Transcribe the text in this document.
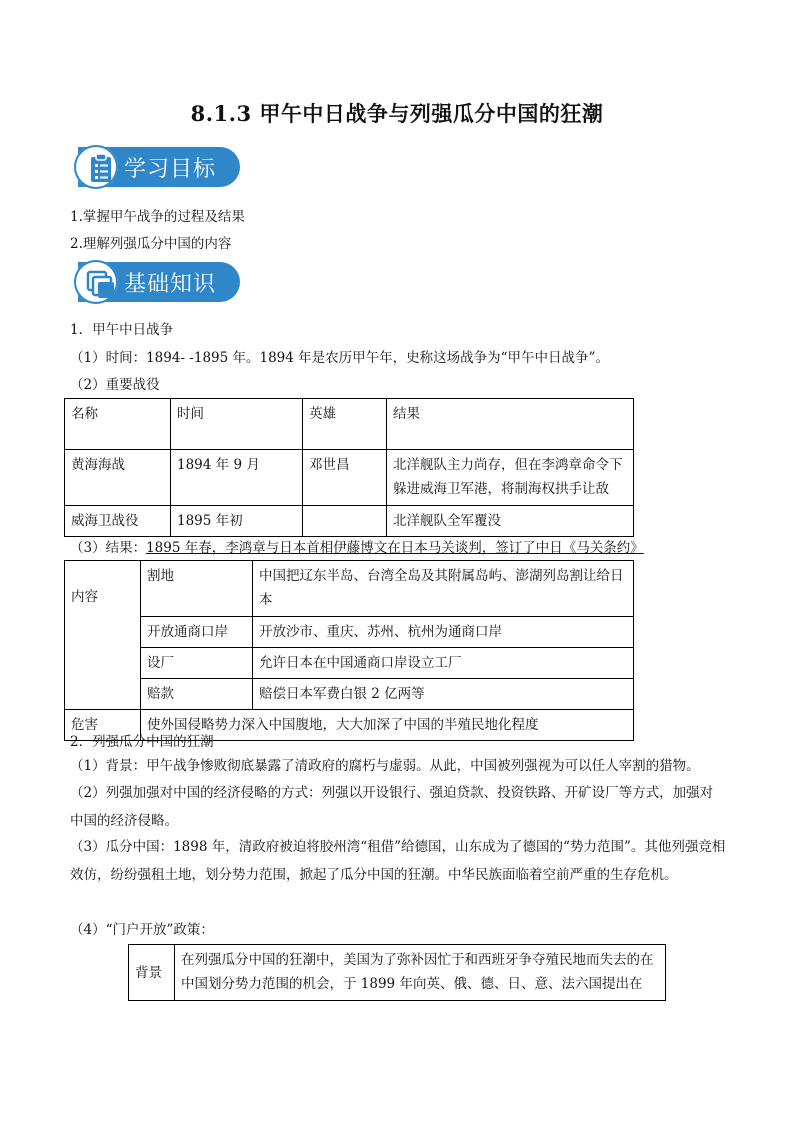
8.1.3 甲午中日战争与列强瓜分中国的狂潮
学习目标
1.掌握甲午战争的过程及结果
2.理解列强瓜分中国的内容
基础知识
1．甲午中日战争
（1）时间：1894- -1895 年。1894 年是农历甲午年，史称这场战争为“甲午中日战争”。
（2）重要战役
名称	时间	英雄	结果
黄海海战	1894 年 9 月	邓世昌	北洋舰队主力尚存，但在李鸿章命令下躲进威海卫军港，将制海权拱手让敌
威海卫战役	1895 年初		北洋舰队全军覆没
（3）结果：1895 年春，李鸿章与日本首相伊藤博文在日本马关谈判，签订了中日《马关条约》
内容	割地	中国把辽东半岛、台湾全岛及其附属岛屿、澎湖列岛割让给日本
	开放通商口岸	开放沙市、重庆、苏州、杭州为通商口岸
	设厂	允许日本在中国通商口岸设立工厂
	赔款	赔偿日本军费白银 2 亿两等
危害	使外国侵略势力深入中国腹地，大大加深了中国的半殖民地化程度	
2．列强瓜分中国的狂潮
（1）背景：甲午战争惨败彻底暴露了清政府的腐朽与虚弱。从此，中国被列强视为可以任人宰割的猎物。
（2）列强加强对中国的经济侵略的方式：列强以开设银行、强迫贷款、投资铁路、开矿设厂等方式，加强对中国的经济侵略。
（3）瓜分中国：1898 年，清政府被迫将胶州湾“租借”给德国，山东成为了德国的“势力范围”。其他列强竞相效仿，纷纷强租土地，划分势力范围，掀起了瓜分中国的狂潮。中华民族面临着空前严重的生存危机。
（4）“门户开放”政策：
背景	在列强瓜分中国的狂潮中，美国为了弥补因忙于和西班牙争夺殖民地而失去的在中国划分势力范围的机会，于 1899 年向英、俄、德、日、意、法六国提出在
